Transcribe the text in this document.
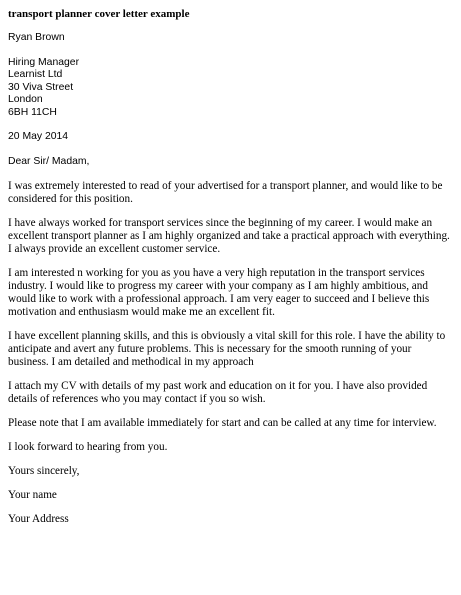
transport planner cover letter example
Ryan Brown
Hiring Manager
Learnist Ltd
30 Viva Street
London
6BH 11CH
20 May 2014
Dear Sir/ Madam,
I was extremely interested to read of your advertised for a transport planner, and would like to be considered for this position.
I have always worked for transport services since the beginning of my career. I would make an excellent transport planner as I am highly organized and take a practical approach with everything. I always provide an excellent customer service.
I am interested n working for you as you have a very high reputation in the transport services industry. I would like to progress my career with your company as I am highly ambitious, and would like to work with a professional approach. I am very eager to succeed and I believe this motivation and enthusiasm would make me an excellent fit.
I have excellent planning skills, and this is obviously a vital skill for this role. I have the ability to anticipate and avert any future problems. This is necessary for the smooth running of your business. I am detailed and methodical in my approach
I attach my CV with details of my past work and education on it for you. I have also provided details of references who you may contact if you so wish.
Please note that I am available immediately for start and can be called at any time for interview.
I look forward to hearing from you.
Yours sincerely,
Your name
Your Address
